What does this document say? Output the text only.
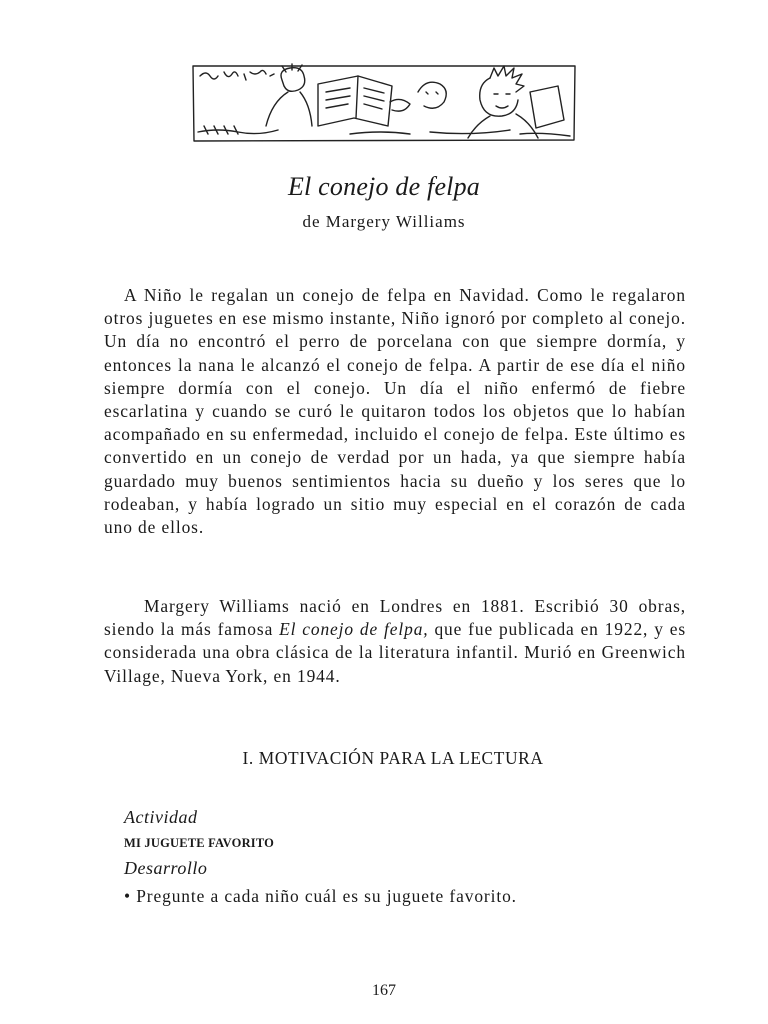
El conejo de felpa
de Margery Williams

A Niño le regalan un conejo de felpa en Navidad. Como le regalaron otros juguetes en ese mismo instante, Niño ignoró por completo al conejo. Un día no encontró el perro de porcelana con que siempre dormía, y entonces la nana le alcanzó el conejo de felpa. A partir de ese día el niño siempre dormía con el conejo. Un día el niño enfermó de fiebre escarlatina y cuando se curó le quitaron todos los objetos que lo habían acompañado en su enfermedad, incluido el conejo de felpa. Este último es convertido en un conejo de verdad por un hada, ya que siempre había guardado muy buenos sentimientos hacia su dueño y los seres que lo rodeaban, y había logrado un sitio muy especial en el corazón de cada uno de ellos.

Margery Williams nació en Londres en 1881. Escribió 30 obras, siendo la más famosa El conejo de felpa, que fue publicada en 1922, y es considerada una obra clásica de la literatura infantil. Murió en Greenwich Village, Nueva York, en 1944.

I. MOTIVACIÓN PARA LA LECTURA
Actividad
MI JUGUETE FAVORITO
Desarrollo
• Pregunte a cada niño cuál es su juguete favorito.
167
